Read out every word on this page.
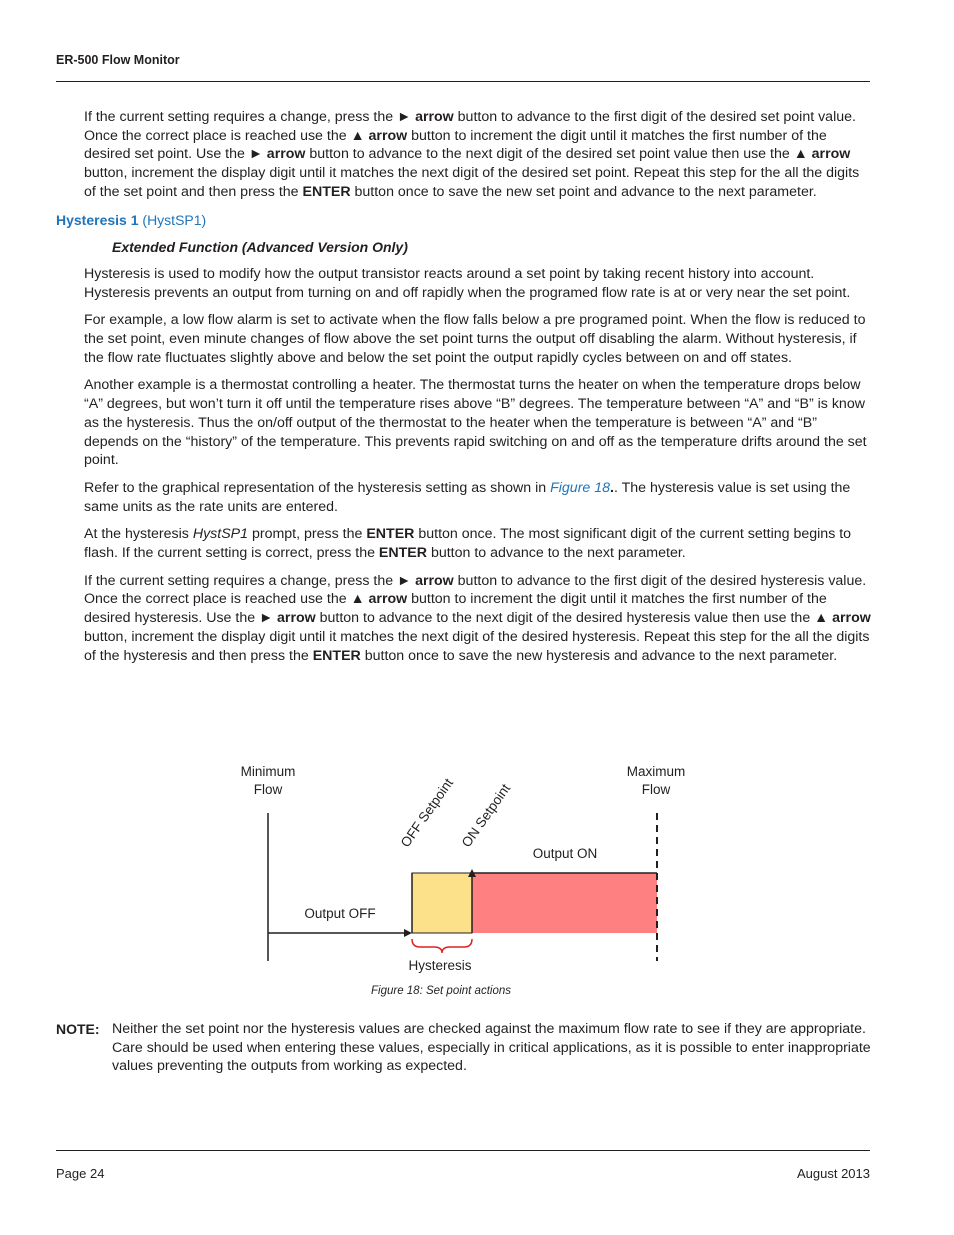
ER-500 Flow Monitor

If the current setting requires a change, press the ► arrow button to advance to the first digit of the desired set point value. Once the correct place is reached use the ▲ arrow button to increment the digit until it matches the first number of the desired set point. Use the ► arrow button to advance to the next digit of the desired set point value then use the ▲ arrow button, increment the display digit until it matches the next digit of the desired set point. Repeat this step for the all the digits of the set point and then press the ENTER button once to save the new set point and advance to the next parameter.

Hysteresis 1 (HystSP1)
Extended Function (Advanced Version Only)

Hysteresis is used to modify how the output transistor reacts around a set point by taking recent history into account. Hysteresis prevents an output from turning on and off rapidly when the programed flow rate is at or very near the set point.

For example, a low flow alarm is set to activate when the flow falls below a pre programed point. When the flow is reduced to the set point, even minute changes of flow above the set point turns the output off disabling the alarm. Without hysteresis, if the flow rate fluctuates slightly above and below the set point the output rapidly cycles between on and off states.

Another example is a thermostat controlling a heater. The thermostat turns the heater on when the temperature drops below “A” degrees, but won’t turn it off until the temperature rises above “B” degrees. The temperature between “A” and “B” is know as the hysteresis. Thus the on/off output of the thermostat to the heater when the temperature is between “A” and “B” depends on the “history” of the temperature. This prevents rapid switching on and off as the temperature drifts around the set point.

Refer to the graphical representation of the hysteresis setting as shown in Figure 18.. The hysteresis value is set using the same units as the rate units are entered.

At the hysteresis HystSP1 prompt, press the ENTER button once. The most significant digit of the current setting begins to flash. If the current setting is correct, press the ENTER button to advance to the next parameter.

If the current setting requires a change, press the ► arrow button to advance to the first digit of the desired hysteresis value. Once the correct place is reached use the ▲ arrow button to increment the digit until it matches the first number of the desired hysteresis. Use the ► arrow button to advance to the next digit of the desired hysteresis value then use the ▲ arrow button, increment the display digit until it matches the next digit of the desired hysteresis. Repeat this step for the all the digits of the hysteresis and then press the ENTER button once to save the new hysteresis and advance to the next parameter.

Minimum
Flow
Maximum
Flow
OFF Setpoint ON Setpoint
Output ON
Output OFF
Hysteresis
Figure 18: Set point actions
NOTE: Neither the set point nor the hysteresis values are checked against the maximum flow rate to see if they are appropriate. Care should be used when entering these values, especially in critical applications, as it is possible to enter inappropriate values preventing the outputs from working as expected.
Page 24	August 2013
